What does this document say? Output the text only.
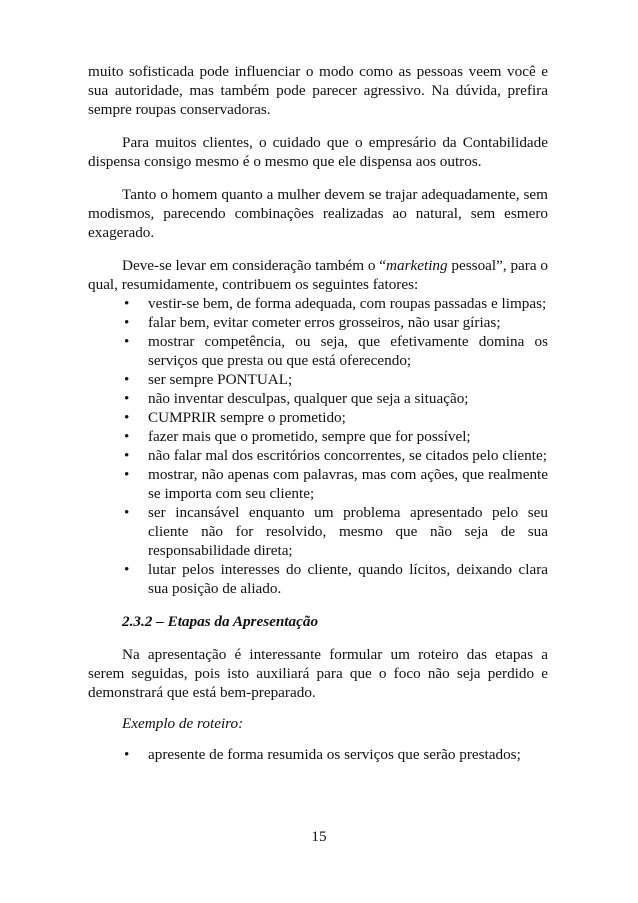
muito sofisticada pode influenciar o modo como as pessoas veem você e sua autoridade, mas também pode parecer agressivo. Na dúvida, prefira sempre roupas conservadoras.

Para muitos clientes, o cuidado que o empresário da Contabilidade dispensa consigo mesmo é o mesmo que ele dispensa aos outros.

Tanto o homem quanto a mulher devem se trajar adequadamente, sem modismos, parecendo combinações realizadas ao natural, sem esmero exagerado.

Deve-se levar em consideração também o “marketing pessoal”, para o qual, resumidamente, contribuem os seguintes fatores:

• vestir-se bem, de forma adequada, com roupas passadas e limpas;
• falar bem, evitar cometer erros grosseiros, não usar gírias;
• mostrar competência, ou seja, que efetivamente domina os serviços que presta ou que está oferecendo;
• ser sempre PONTUAL;
• não inventar desculpas, qualquer que seja a situação;
• CUMPRIR sempre o prometido;
• fazer mais que o prometido, sempre que for possível;
• não falar mal dos escritórios concorrentes, se citados pelo cliente;
• mostrar, não apenas com palavras, mas com ações, que realmente se importa com seu cliente;
• ser incansável enquanto um problema apresentado pelo seu cliente não for resolvido, mesmo que não seja de sua responsabilidade direta;
• lutar pelos interesses do cliente, quando lícitos, deixando clara sua posição de aliado.

2.3.2 – Etapas da Apresentação

Na apresentação é interessante formular um roteiro das etapas a serem seguidas, pois isto auxiliará para que o foco não seja perdido e demonstrará que está bem-preparado.

Exemplo de roteiro:

• apresente de forma resumida os serviços que serão prestados;
15
